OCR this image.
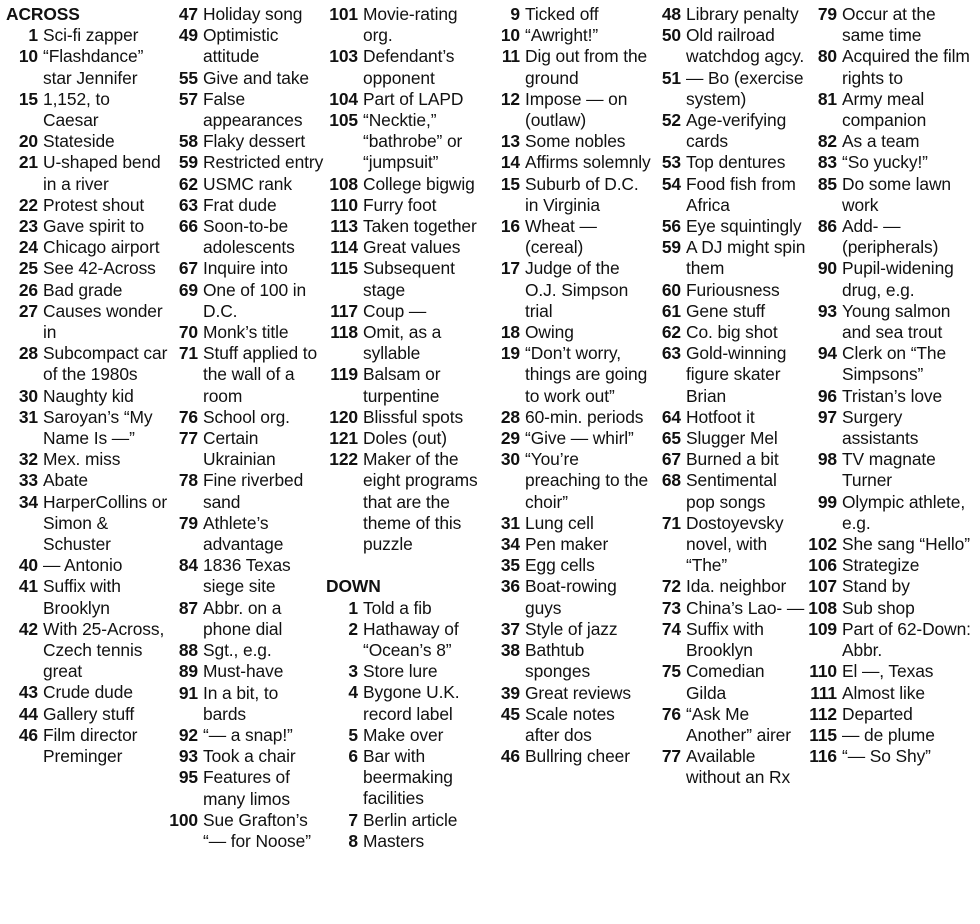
ACROSS
1 Sci-fi zapper
10 “Flashdance” star Jennifer
15 1,152, to Caesar
20 Stateside
21 U-shaped bend in a river
22 Protest shout
23 Gave spirit to
24 Chicago airport
25 See 42-Across
26 Bad grade
27 Causes wonder in
28 Subcompact car of the 1980s
30 Naughty kid
31 Saroyan’s “My Name Is —”
32 Mex. miss
33 Abate
34 HarperCollins or Simon & Schuster
40 — Antonio
41 Suffix with Brooklyn
42 With 25-Across, Czech tennis great
43 Crude dude
44 Gallery stuff
46 Film director Preminger
47 Holiday song
49 Optimistic attitude
55 Give and take
57 False appearances
58 Flaky dessert
59 Restricted entry
62 USMC rank
63 Frat dude
66 Soon-to-be adolescents
67 Inquire into
69 One of 100 in D.C.
70 Monk’s title
71 Stuff applied to the wall of a room
76 School org.
77 Certain Ukrainian
78 Fine riverbed sand
79 Athlete’s advantage
84 1836 Texas siege site
87 Abbr. on a phone dial
88 Sgt., e.g.
89 Must-have
91 In a bit, to bards
92 “— a snap!”
93 Took a chair
95 Features of many limos
100 Sue Grafton’s “— for Noose”
101 Movie-rating org.
103 Defendant’s opponent
104 Part of LAPD
105 “Necktie,” “bathrobe” or “jumpsuit”
108 College bigwig
110 Furry foot
113 Taken together
114 Great values
115 Subsequent stage
117 Coup —
118 Omit, as a syllable
119 Balsam or turpentine
120 Blissful spots
121 Doles (out)
122 Maker of the eight programs that are the theme of this puzzle
DOWN
1 Told a fib
2 Hathaway of “Ocean’s 8”
3 Store lure
4 Bygone U.K. record label
5 Make over
6 Bar with beermaking facilities
7 Berlin article
8 Masters
9 Ticked off
10 “Awright!”
11 Dig out from the ground
12 Impose — on (outlaw)
13 Some nobles
14 Affirms solemnly
15 Suburb of D.C. in Virginia
16 Wheat — (cereal)
17 Judge of the O.J. Simpson trial
18 Owing
19 “Don’t worry, things are going to work out”
28 60-min. periods
29 “Give — whirl”
30 “You’re preaching to the choir”
31 Lung cell
34 Pen maker
35 Egg cells
36 Boat-rowing guys
37 Style of jazz
38 Bathtub sponges
39 Great reviews
45 Scale notes after dos
46 Bullring cheer
48 Library penalty
50 Old railroad watchdog agcy.
51 — Bo (exercise system)
52 Age-verifying cards
53 Top dentures
54 Food fish from Africa
56 Eye squintingly
59 A DJ might spin them
60 Furiousness
61 Gene stuff
62 Co. big shot
63 Gold-winning figure skater Brian
64 Hotfoot it
65 Slugger Mel
67 Burned a bit
68 Sentimental pop songs
71 Dostoyevsky novel, with “The”
72 Ida. neighbor
73 China’s Lao- —
74 Suffix with Brooklyn
75 Comedian Gilda
76 “Ask Me Another” airer
77 Available without an Rx
79 Occur at the same time
80 Acquired the film rights to
81 Army meal companion
82 As a team
83 “So yucky!”
85 Do some lawn work
86 Add- — (peripherals)
90 Pupil-widening drug, e.g.
93 Young salmon and sea trout
94 Clerk on “The Simpsons”
96 Tristan’s love
97 Surgery assistants
98 TV magnate Turner
99 Olympic athlete, e.g.
102 She sang “Hello”
106 Strategize
107 Stand by
108 Sub shop
109 Part of 62-Down: Abbr.
110 El —, Texas
111 Almost like
112 Departed
115 — de plume
116 “— So Shy”
